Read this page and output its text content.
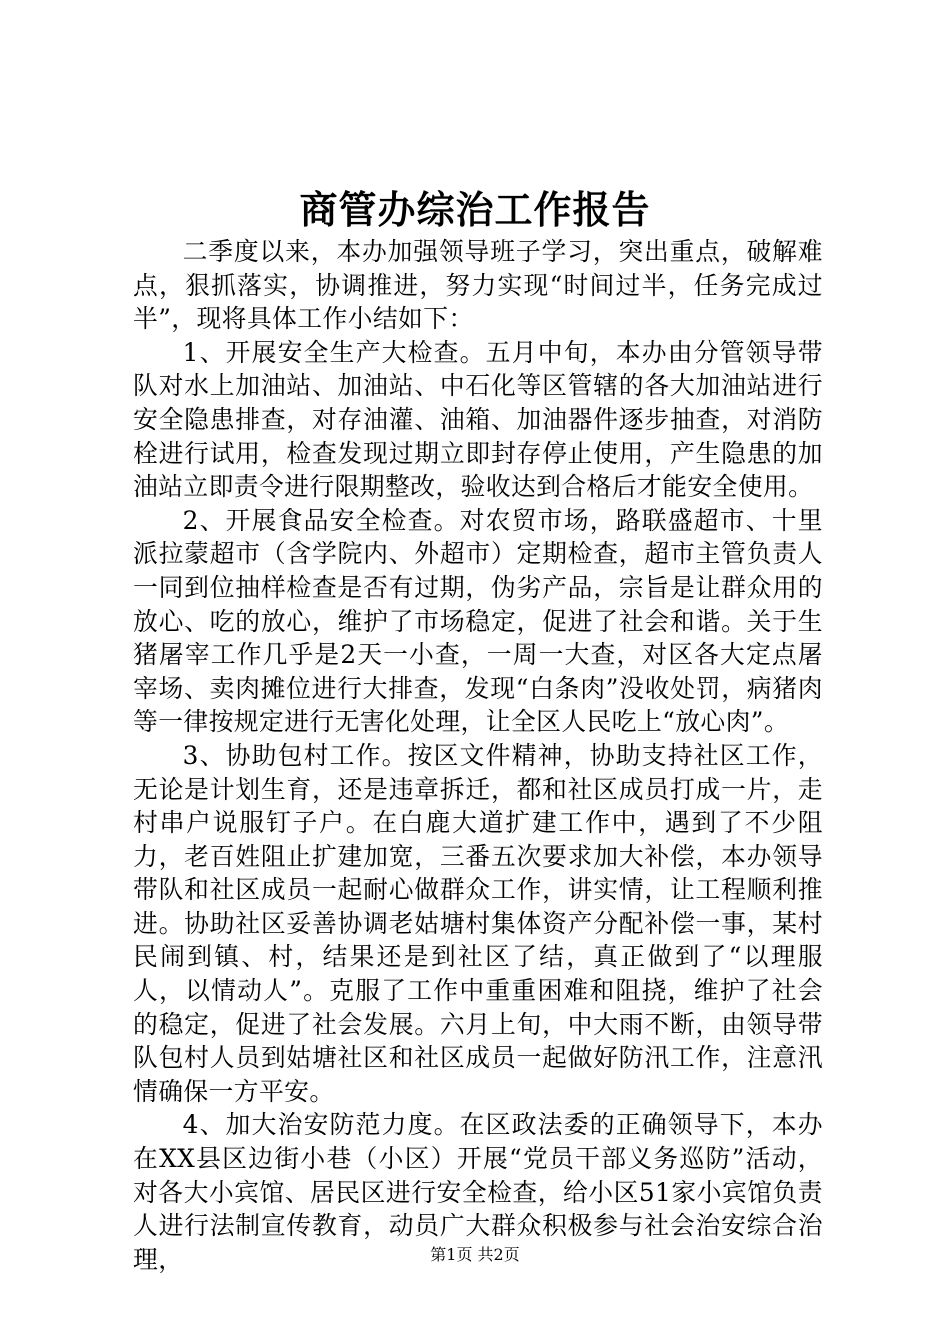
商管办综治工作报告

二季度以来，本办加强领导班子学习，突出重点，破解难点，狠抓落实，协调推进，努力实现“时间过半，任务完成过半”，现将具体工作小结如下：

1、开展安全生产大检查。五月中旬，本办由分管领导带队对水上加油站、加油站、中石化等区管辖的各大加油站进行安全隐患排查，对存油灌、油箱、加油器件逐步抽查，对消防栓进行试用，检查发现过期立即封存停止使用，产生隐患的加油站立即责令进行限期整改，验收达到合格后才能安全使用。

2、开展食品安全检查。对农贸市场，路联盛超市、十里派拉蒙超市（含学院内、外超市）定期检查，超市主管负责人一同到位抽样检查是否有过期，伪劣产品，宗旨是让群众用的放心、吃的放心，维护了市场稳定，促进了社会和谐。关于生猪屠宰工作几乎是2天一小查，一周一大查，对区各大定点屠宰场、卖肉摊位进行大排查，发现“白条肉”没收处罚，病猪肉等一律按规定进行无害化处理，让全区人民吃上“放心肉”。

3、协助包村工作。按区文件精神，协助支持社区工作，无论是计划生育，还是违章拆迁，都和社区成员打成一片，走村串户说服钉子户。在白鹿大道扩建工作中，遇到了不少阻力，老百姓阻止扩建加宽，三番五次要求加大补偿，本办领导带队和社区成员一起耐心做群众工作，讲实情，让工程顺利推进。协助社区妥善协调老姑塘村集体资产分配补偿一事，某村民闹到镇、村，结果还是到社区了结，真正做到了“以理服人，以情动人”。克服了工作中重重困难和阻挠，维护了社会的稳定，促进了社会发展。六月上旬，中大雨不断，由领导带队包村人员到姑塘社区和社区成员一起做好防汛工作，注意汛情确保一方平安。

4、加大治安防范力度。在区政法委的正确领导下，本办在XX县区边街小巷（小区）开展“党员干部义务巡防”活动，对各大小宾馆、居民区进行安全检查，给小区51家小宾馆负责人进行法制宣传教育，动员广大群众积极参与社会治安综合治理，	第1页 共2页
